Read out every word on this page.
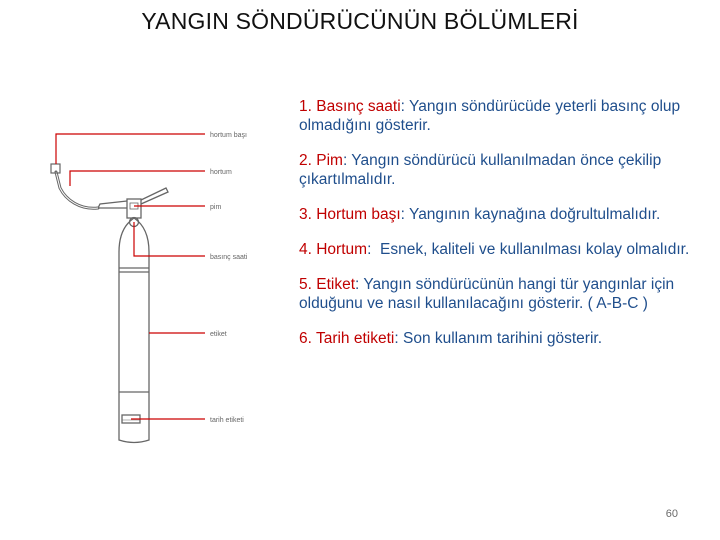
YANGIN SÖNDÜRÜCÜNÜN BÖLÜMLERİ
hortum başı
hortum
pim
basınç saati
etiket
tarih etiketi
1. Basınç saati: Yangın söndürücüde yeterli basınç olup olmadığını gösterir.
2. Pim: Yangın söndürücü kullanılmadan önce çekilip çıkartılmalıdır.
3. Hortum başı: Yangının kaynağına doğrultulmalıdır.
4. Hortum:  Esnek, kaliteli ve kullanılması kolay olmalıdır.
5. Etiket: Yangın söndürücünün hangi tür yangınlar için olduğunu ve nasıl kullanılacağını gösterir. ( A-B-C )
6. Tarih etiketi: Son kullanım tarihini gösterir.
60
